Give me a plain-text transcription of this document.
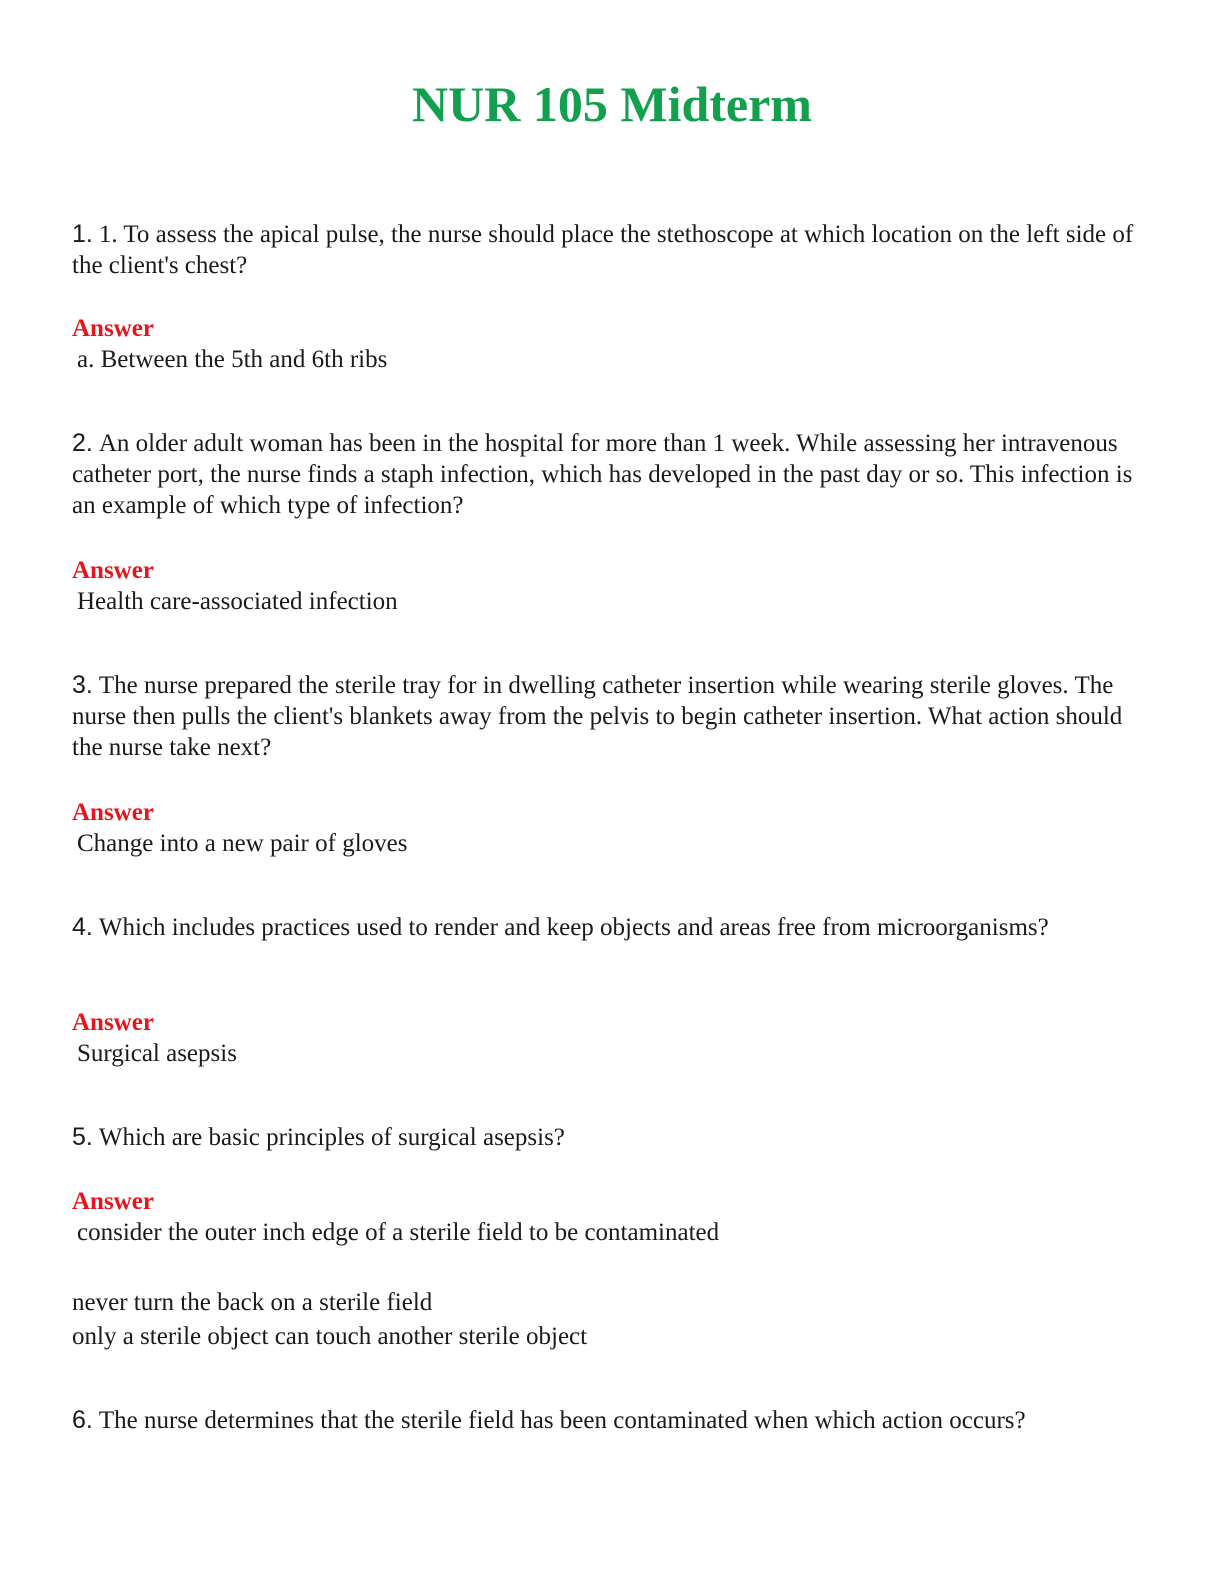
NUR 105 Midterm

1. 1. To assess the apical pulse, the nurse should place the stethoscope at which location on the left side of the client's chest?

Answer

a. Between the 5th and 6th ribs

2. An older adult woman has been in the hospital for more than 1 week. While assessing her intravenous catheter port, the nurse finds a staph infection, which has developed in the past day or so. This infection is an example of which type of infection?

Answer

Health care-associated infection

3. The nurse prepared the sterile tray for in dwelling catheter insertion while wearing sterile gloves. The nurse then pulls the client's blankets away from the pelvis to begin catheter insertion. What action should the nurse take next?

Answer

Change into a new pair of gloves

4. Which includes practices used to render and keep objects and areas free from microorganisms?

Answer

Surgical asepsis

5. Which are basic principles of surgical asepsis?

Answer

consider the outer inch edge of a sterile field to be contaminated

never turn the back on a sterile field

only a sterile object can touch another sterile object

6. The nurse determines that the sterile field has been contaminated when which action occurs?
